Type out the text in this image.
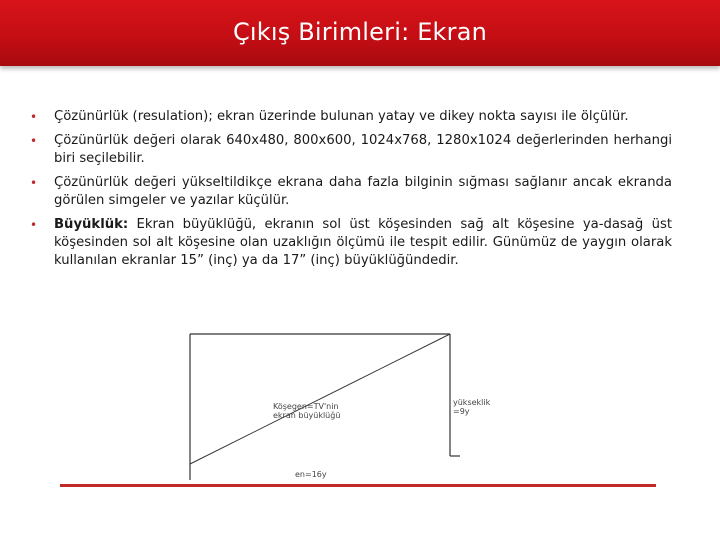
Çıkış Birimleri: Ekran
• Çözünürlük (resulation); ekran üzerinde bulunan yatay ve dikey nokta sayısı ile ölçülür.
• Çözünürlük değeri olarak 640x480, 800x600, 1024x768, 1280x1024 değerlerinden herhangi biri seçilebilir.
• Çözünürlük değeri yükseltildikçe ekrana daha fazla bilginin sığması sağlanır ancak ekranda görülen simgeler ve yazılar küçülür.
• Büyüklük: Ekran büyüklüğü, ekranın sol üst köşesinden sağ alt köşesine ya-dasağ üst köşesinden sol alt köşesine olan uzaklığın ölçümü ile tespit edilir. Günümüz de yaygın olarak kullanılan ekranlar 15” (inç) ya da 17” (inç) büyüklüğündedir.
Köşegen=TV'nin ekran büyüklüğü
yükseklik =9y
en=16y
